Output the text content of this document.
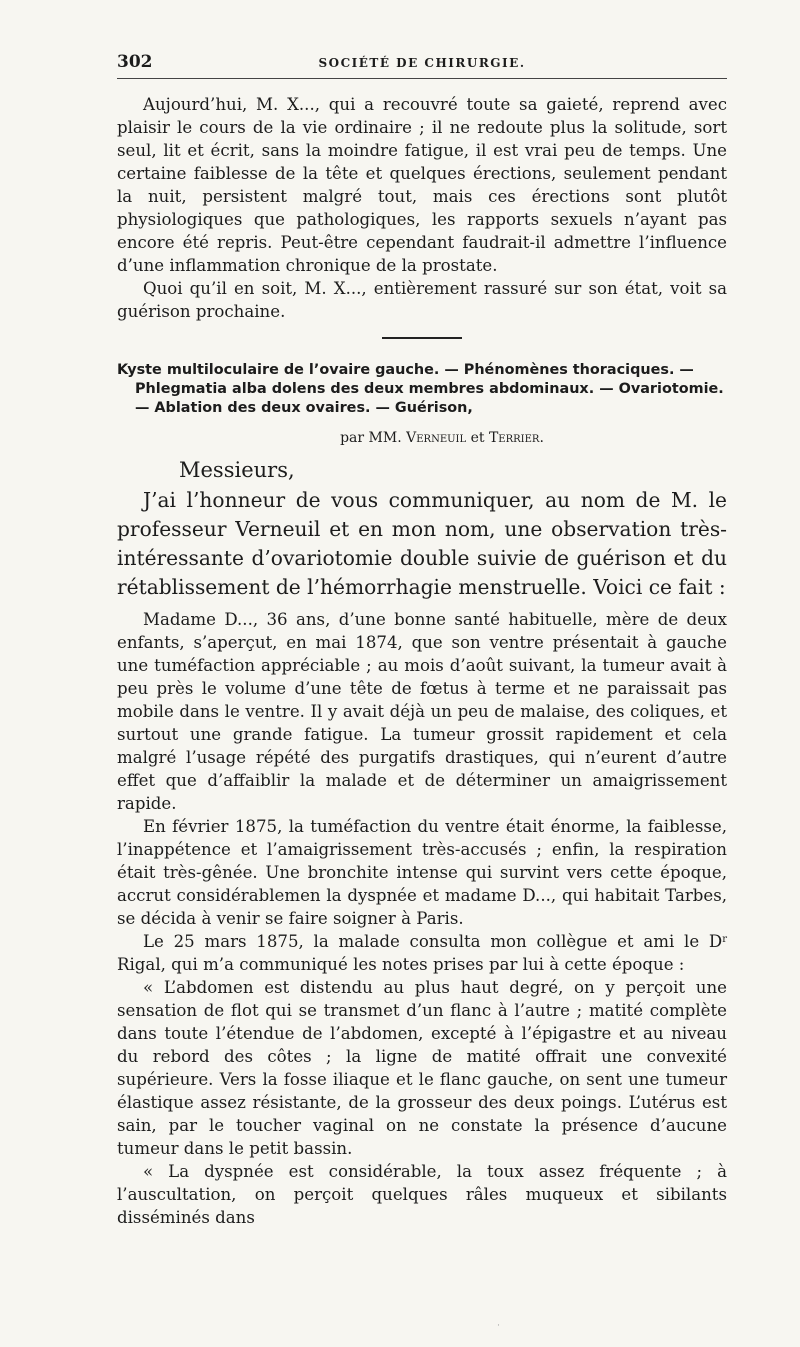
302	SOCIÉTÉ DE CHIRURGIE.

Aujourd’hui, M. X..., qui a recouvré toute sa gaieté, reprend avec plaisir le cours de la vie ordinaire ; il ne redoute plus la solitude, sort seul, lit et écrit, sans la moindre fatigue, il est vrai peu de temps. Une certaine faiblesse de la tête et quelques érections, seulement pendant la nuit, persistent malgré tout, mais ces érections sont plutôt physiologiques que pathologiques, les rapports sexuels n’ayant pas encore été repris. Peut-être cependant faudrait-il admettre l’influence d’une inflammation chronique de la prostate.

Quoi qu’il en soit, M. X..., entièrement rassuré sur son état, voit sa guérison prochaine.

Kyste multiloculaire de l’ovaire gauche. — Phénomènes thoraciques. —
Phlegmatia alba dolens des deux membres abdominaux. — Ovariotomie.
— Ablation des deux ovaires. — Guérison,
par MM. Verneuil et Terrier.
Messieurs,

J’ai l’honneur de vous communiquer, au nom de M. le professeur Verneuil et en mon nom, une observation très-intéressante d’ovariotomie double suivie de guérison et du rétablissement de l’hémorrhagie menstruelle. Voici ce fait :

Madame D..., 36 ans, d’une bonne santé habituelle, mère de deux enfants, s’aperçut, en mai 1874, que son ventre présentait à gauche une tuméfaction appréciable ; au mois d’août suivant, la tumeur avait à peu près le volume d’une tête de fœtus à terme et ne paraissait pas mobile dans le ventre. Il y avait déjà un peu de malaise, des coliques, et surtout une grande fatigue. La tumeur grossit rapidement et cela malgré l’usage répété des purgatifs drastiques, qui n’eurent d’autre effet que d’affaiblir la malade et de déterminer un amaigrissement rapide.

En février 1875, la tuméfaction du ventre était énorme, la faiblesse, l’inappétence et l’amaigrissement très-accusés ; enfin, la respiration était très-gênée. Une bronchite intense qui survint vers cette époque, accrut considérablemen la dyspnée et madame D..., qui habitait Tarbes, se décida à venir se faire soigner à Paris.

Le 25 mars 1875, la malade consulta mon collègue et ami le $D^r$ Rigal, qui m’a communiqué les notes prises par lui à cette époque :

« L’abdomen est distendu au plus haut degré, on y perçoit une sensation de flot qui se transmet d’un flanc à l’autre ; matité complète dans toute l’étendue de l’abdomen, excepté à l’épigastre et au niveau du rebord des côtes ; la ligne de matité offrait une convexité supérieure. Vers la fosse iliaque et le flanc gauche, on sent une tumeur élastique assez résistante, de la grosseur des deux poings. L’utérus est sain, par le toucher vaginal on ne constate la présence d’aucune tumeur dans le petit bassin.

« La dyspnée est considérable, la toux assez fréquente ; à l’auscultation, on perçoit quelques râles muqueux et sibilants disséminés dans

˙
